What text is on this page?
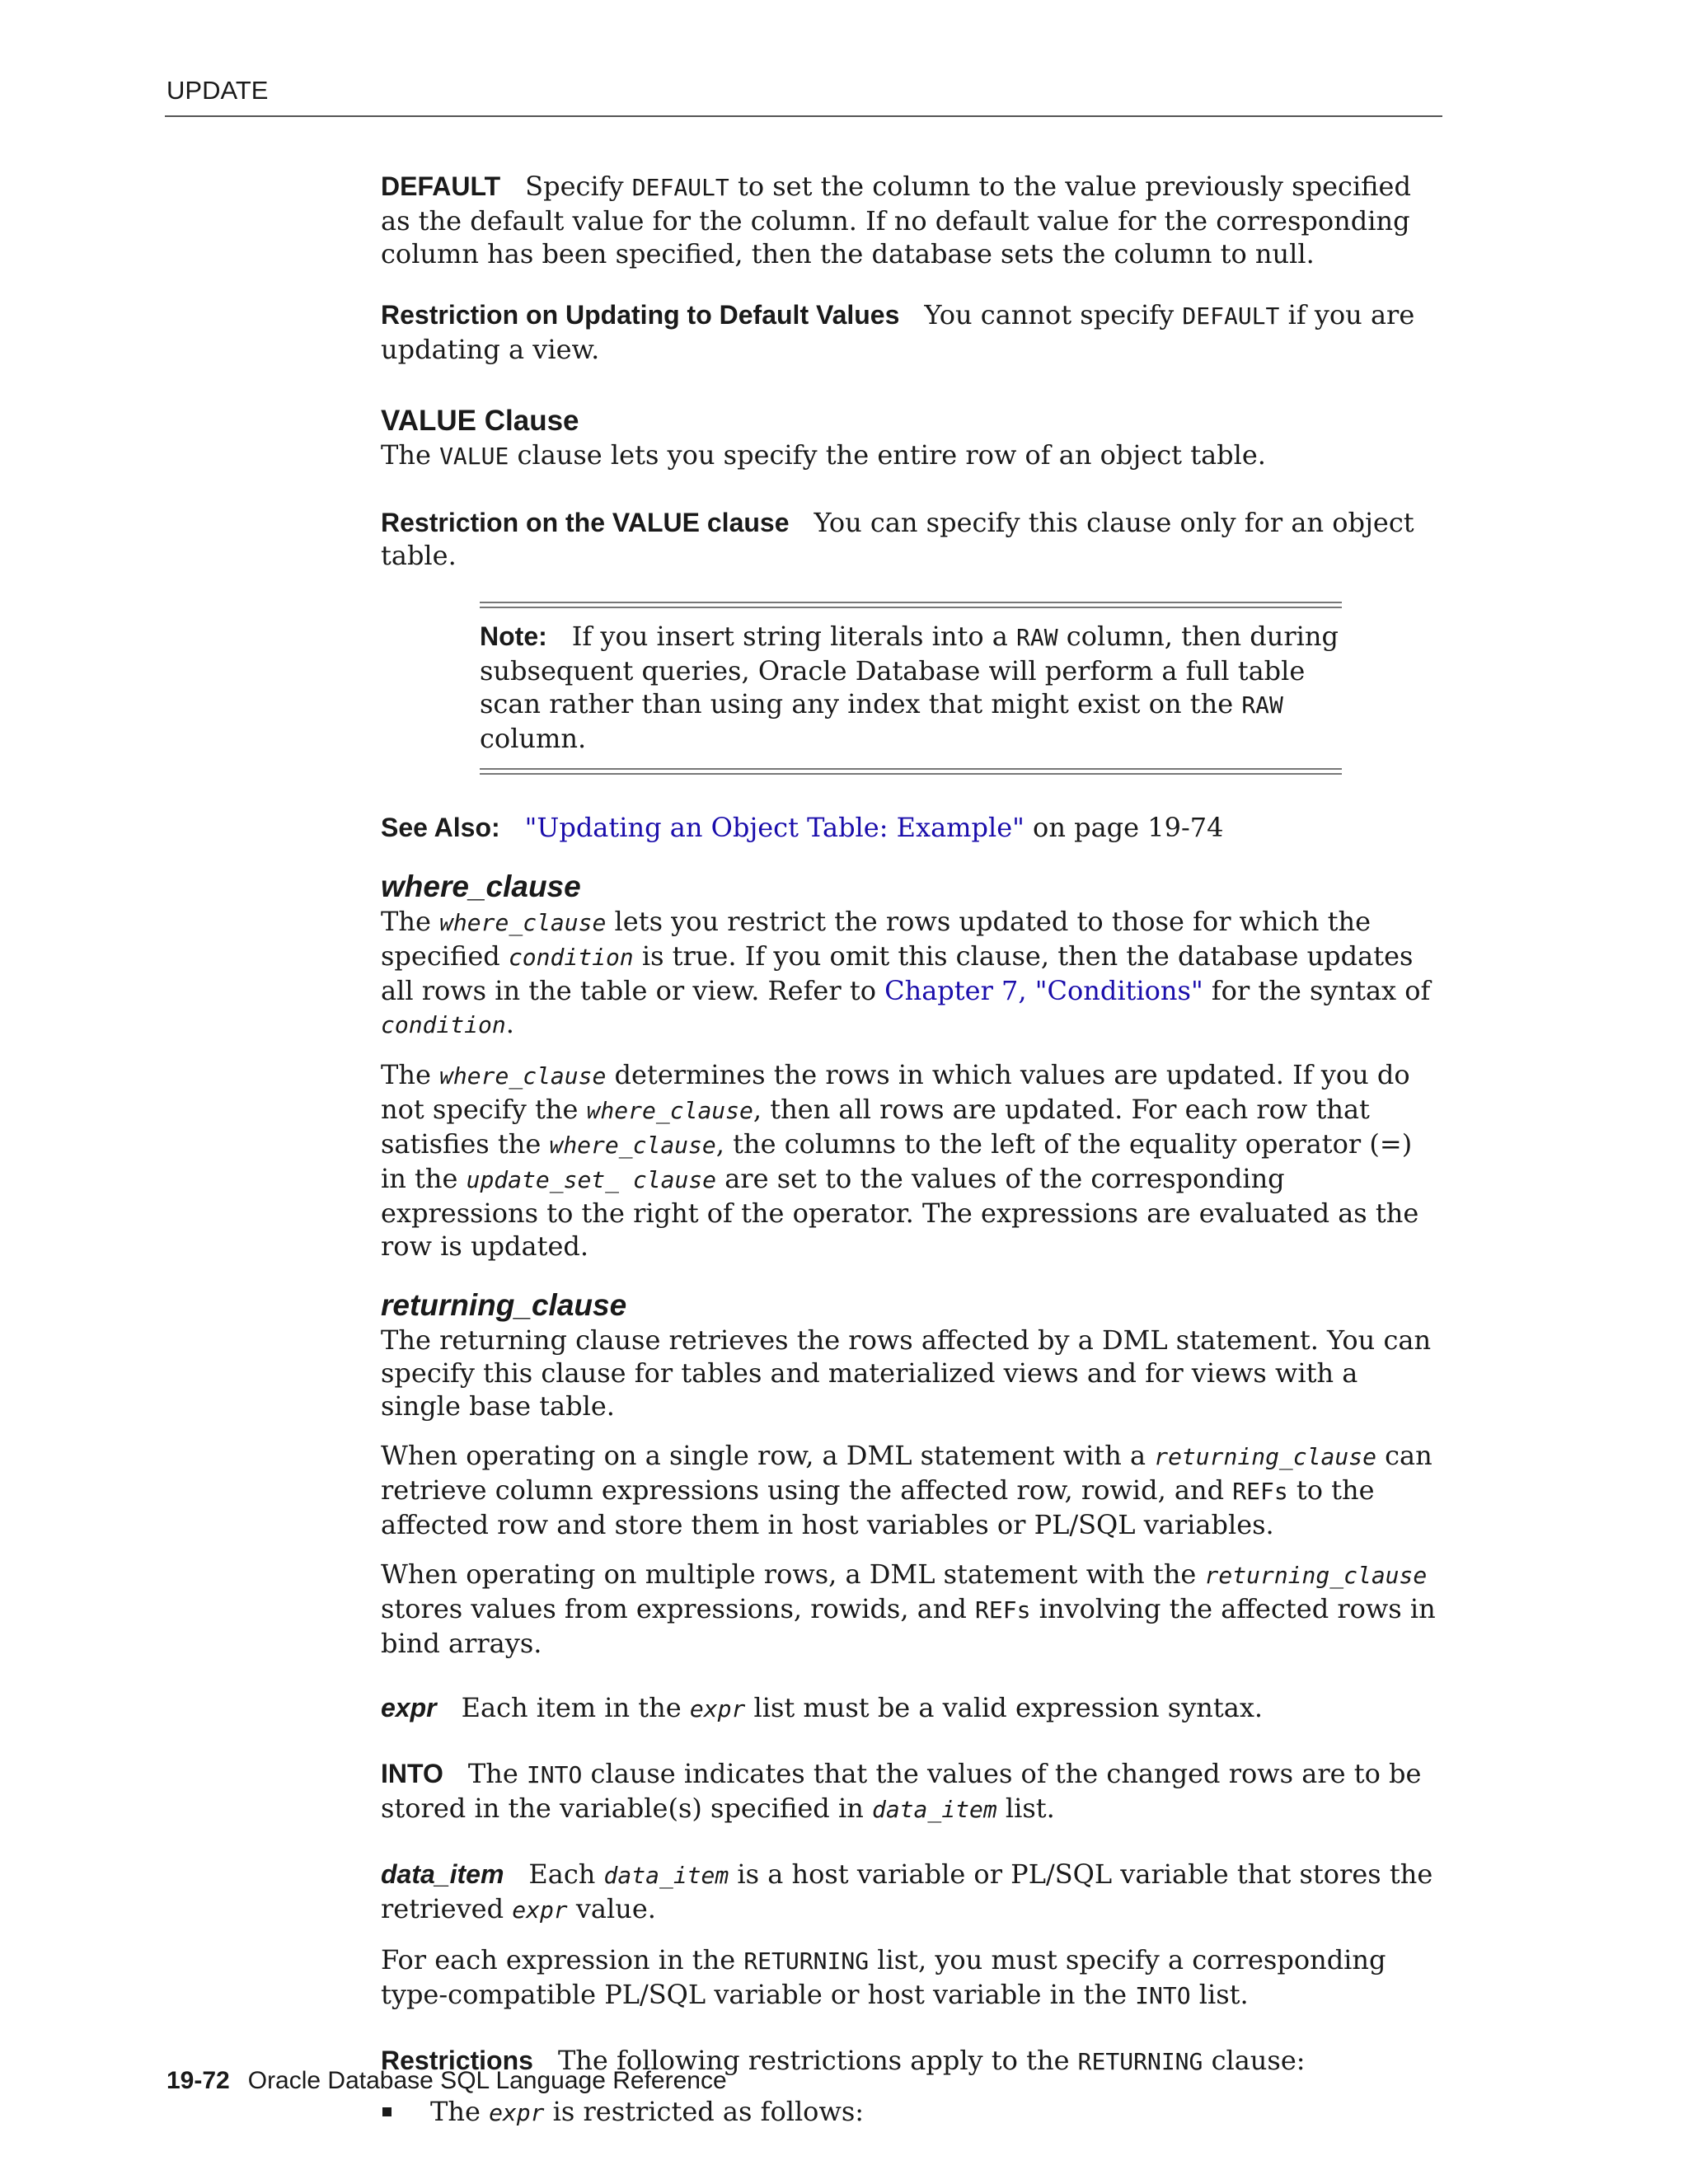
UPDATE

DEFAULT Specify DEFAULT to set the column to the value previously specified as the default value for the column. If no default value for the corresponding column has been specified, then the database sets the column to null.

Restriction on Updating to Default Values You cannot specify DEFAULT if you are updating a view.

VALUE Clause

The VALUE clause lets you specify the entire row of an object table.

Restriction on the VALUE clause You can specify this clause only for an object table.

Note: If you insert string literals into a RAW column, then during subsequent queries, Oracle Database will perform a full table scan rather than using any index that might exist on the RAW column.

See Also: "Updating an Object Table: Example" on page 19-74

where_clause

The where_clause lets you restrict the rows updated to those for which the specified condition is true. If you omit this clause, then the database updates all rows in the table or view. Refer to Chapter 7, "Conditions" for the syntax of condition.

The where_clause determines the rows in which values are updated. If you do not specify the where_clause, then all rows are updated. For each row that satisfies the where_clause, the columns to the left of the equality operator (=) in the update_set_ clause are set to the values of the corresponding expressions to the right of the operator. The expressions are evaluated as the row is updated.

returning_clause

The returning clause retrieves the rows affected by a DML statement. You can specify this clause for tables and materialized views and for views with a single base table.

When operating on a single row, a DML statement with a returning_clause can retrieve column expressions using the affected row, rowid, and REFs to the affected row and store them in host variables or PL/SQL variables.

When operating on multiple rows, a DML statement with the returning_clause stores values from expressions, rowids, and REFs involving the affected rows in bind arrays.

expr Each item in the expr list must be a valid expression syntax.

INTO The INTO clause indicates that the values of the changed rows are to be stored in the variable(s) specified in data_item list.

data_item Each data_item is a host variable or PL/SQL variable that stores the retrieved expr value.

For each expression in the RETURNING list, you must specify a corresponding type-compatible PL/SQL variable or host variable in the INTO list.

Restrictions The following restrictions apply to the RETURNING clause:

The expr is restricted as follows:

19-72 Oracle Database SQL Language Reference
